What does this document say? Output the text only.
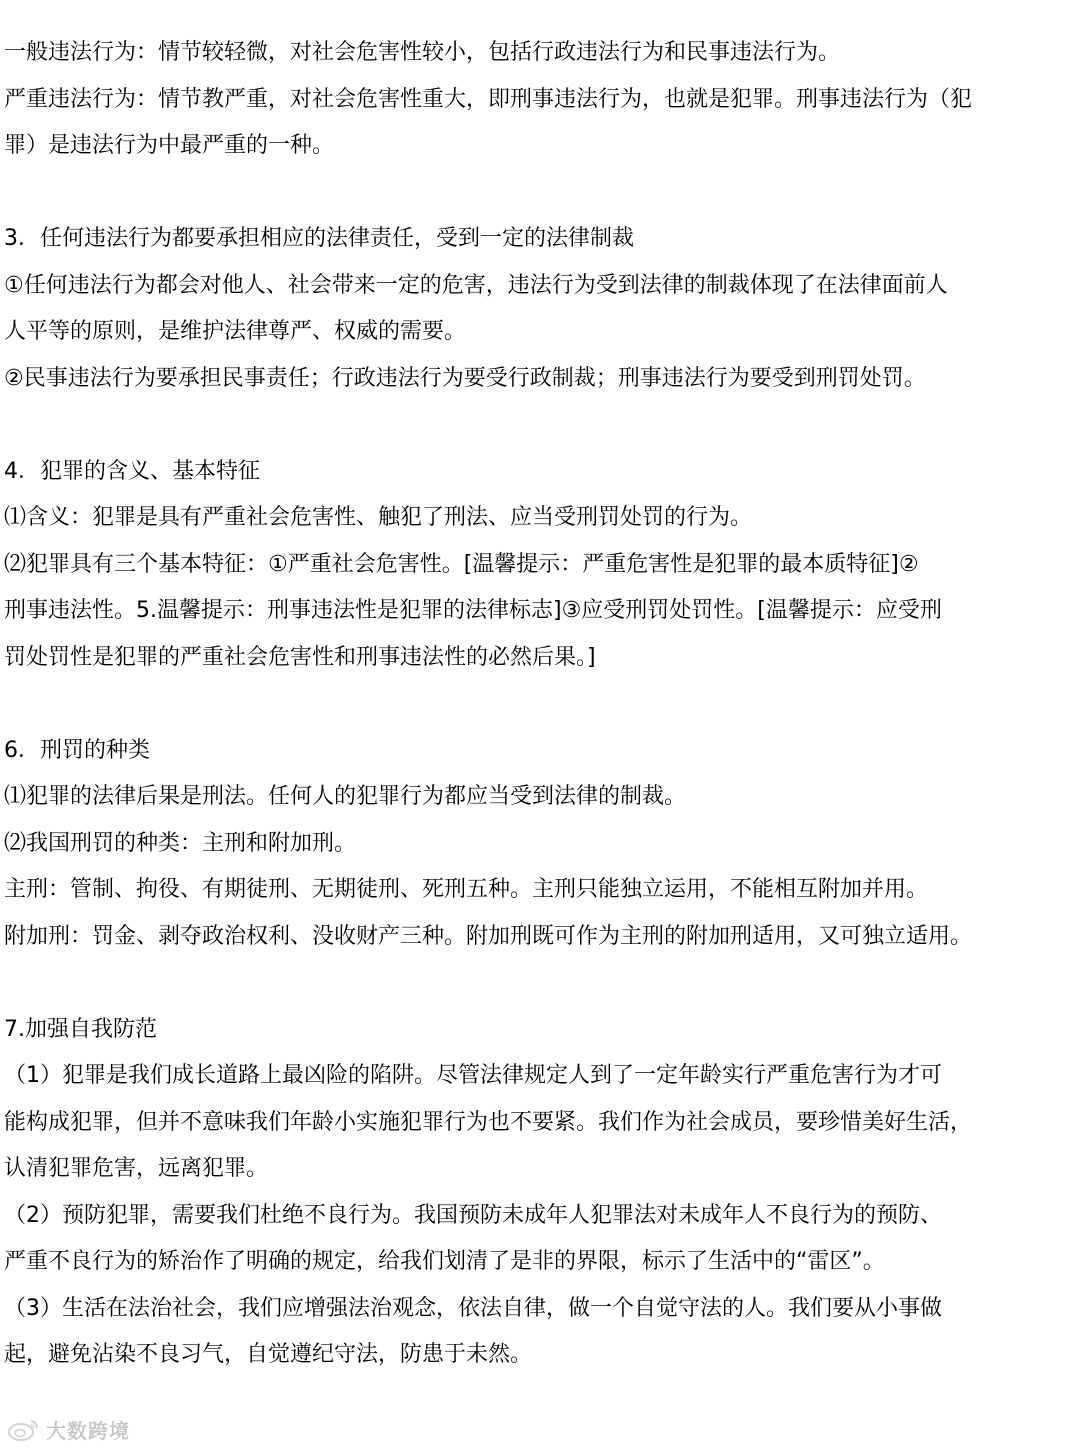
一般违法行为：情节较轻微，对社会危害性较小，包括行政违法行为和民事违法行为。
严重违法行为：情节教严重，对社会危害性重大，即刑事违法行为，也就是犯罪。刑事违法行为（犯
罪）是违法行为中最严重的一种。
3．任何违法行为都要承担相应的法律责任，受到一定的法律制裁
①任何违法行为都会对他人、社会带来一定的危害，违法行为受到法律的制裁体现了在法律面前人
人平等的原则，是维护法律尊严、权威的需要。
②民事违法行为要承担民事责任；行政违法行为要受行政制裁；刑事违法行为要受到刑罚处罚。
4．犯罪的含义、基本特征
⑴含义：犯罪是具有严重社会危害性、触犯了刑法、应当受刑罚处罚的行为。
⑵犯罪具有三个基本特征：①严重社会危害性。[温馨提示：严重危害性是犯罪的最本质特征]②
刑事违法性。5.温馨提示：刑事违法性是犯罪的法律标志]③应受刑罚处罚性。[温馨提示：应受刑
罚处罚性是犯罪的严重社会危害性和刑事违法性的必然后果。]
6．刑罚的种类
⑴犯罪的法律后果是刑法。任何人的犯罪行为都应当受到法律的制裁。
⑵我国刑罚的种类：主刑和附加刑。
主刑：管制、拘役、有期徒刑、无期徒刑、死刑五种。主刑只能独立运用，不能相互附加并用。
附加刑：罚金、剥夺政治权利、没收财产三种。附加刑既可作为主刑的附加刑适用，又可独立适用。
7.加强自我防范
（1）犯罪是我们成长道路上最凶险的陷阱。尽管法律规定人到了一定年龄实行严重危害行为才可
能构成犯罪，但并不意味我们年龄小实施犯罪行为也不要紧。我们作为社会成员，要珍惜美好生活，
认清犯罪危害，远离犯罪。
（2）预防犯罪，需要我们杜绝不良行为。我国预防未成年人犯罪法对未成年人不良行为的预防、
严重不良行为的矫治作了明确的规定，给我们划清了是非的界限，标示了生活中的“雷区”。
（3）生活在法治社会，我们应增强法治观念，依法自律，做一个自觉守法的人。我们要从小事做
起，避免沾染不良习气，自觉遵纪守法，防患于未然。
大数跨境
